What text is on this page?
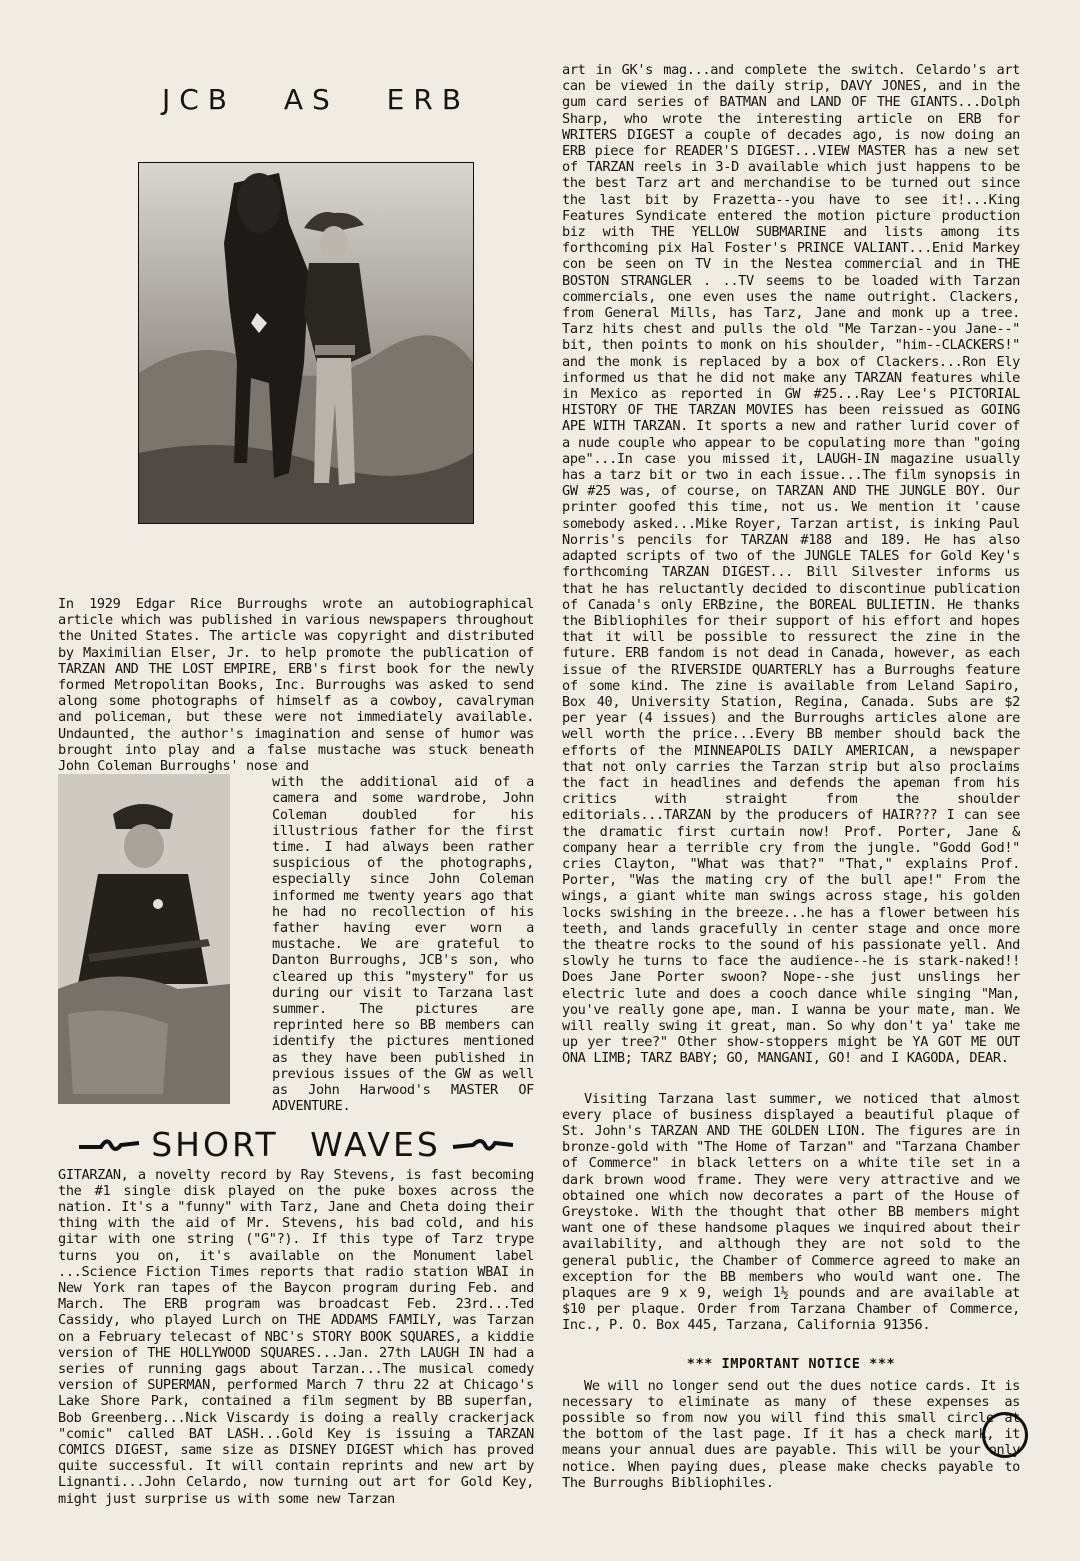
JCB AS ERB

In 1929 Edgar Rice Burroughs wrote an autobiographical article which was published in various newspapers throughout the United States. The article was copyright and distributed by Maximilian Elser, Jr. to help promote the publication of TARZAN AND THE LOST EMPIRE, ERB's first book for the newly formed Metropolitan Books, Inc. Burroughs was asked to send along some photographs of himself as a cowboy, cavalryman and policeman, but these were not immediately available. Undaunted, the author's imagination and sense of humor was brought into play and a false mustache was stuck beneath John Coleman Burroughs' nose and

with the additional aid of a camera and some wardrobe, John Coleman doubled for his illustrious father for the first time. I had always been rather suspicious of the photographs, especially since John Coleman informed me twenty years ago that he had no recollection of his father having ever worn a mustache. We are grateful to Danton Burroughs, JCB's son, who cleared up this "mystery" for us during our visit to Tarzana last summer. The pictures are reprinted here so BB members can identify the pictures mentioned as they have been published in previous issues of the GW as well as John Harwood's MASTER OF ADVENTURE.

SHORT WAVES

GITARZAN, a novelty record by Ray Stevens, is fast becoming the #1 single disk played on the puke boxes across the nation. It's a "funny" with Tarz, Jane and Cheta doing their thing with the aid of Mr. Stevens, his bad cold, and his gitar with one string ("G"?). If this type of Tarz trype turns you on, it's available on the Monument label ...Science Fiction Times reports that radio station WBAI in New York ran tapes of the Baycon program during Feb. and March. The ERB program was broadcast Feb. 23rd...Ted Cassidy, who played Lurch on THE ADDAMS FAMILY, was Tarzan on a February telecast of NBC's STORY BOOK SQUARES, a kiddie version of THE HOLLYWOOD SQUARES...Jan. 27th LAUGH IN had a series of running gags about Tarzan...The musical comedy version of SUPERMAN, performed March 7 thru 22 at Chicago's Lake Shore Park, contained a film segment by BB superfan, Bob Greenberg...Nick Viscardy is doing a really crackerjack "comic" called BAT LASH...Gold Key is issuing a TARZAN COMICS DIGEST, same size as DISNEY DIGEST which has proved quite successful. It will contain reprints and new art by Lignanti...John Celardo, now turning out art for Gold Key, might just surprise us with some new Tarzan

art in GK's mag...and complete the switch. Celardo's art can be viewed in the daily strip, DAVY JONES, and in the gum card series of BATMAN and LAND OF THE GIANTS...Dolph Sharp, who wrote the interesting article on ERB for WRITERS DIGEST a couple of decades ago, is now doing an ERB piece for READER'S DIGEST...VIEW MASTER has a new set of TARZAN reels in 3-D available which just happens to be the best Tarz art and merchandise to be turned out since the last bit by Frazetta--you have to see it!...King Features Syndicate entered the motion picture production biz with THE YELLOW SUBMARINE and lists among its forthcoming pix Hal Foster's PRINCE VALIANT...Enid Markey con be seen on TV in the Nestea commercial and in THE BOSTON STRANGLER . ..TV seems to be loaded with Tarzan commercials, one even uses the name outright. Clackers, from General Mills, has Tarz, Jane and monk up a tree. Tarz hits chest and pulls the old "Me Tarzan--you Jane--" bit, then points to monk on his shoulder, "him--CLACKERS!" and the monk is replaced by a box of Clackers...Ron Ely informed us that he did not make any TARZAN features while in Mexico as reported in GW #25...Ray Lee's PICTORIAL HISTORY OF THE TARZAN MOVIES has been reissued as GOING APE WITH TARZAN. It sports a new and rather lurid cover of a nude couple who appear to be copulating more than "going ape"...In case you missed it, LAUGH-IN magazine usually has a tarz bit or two in each issue...The film synopsis in GW #25 was, of course, on TARZAN AND THE JUNGLE BOY. Our printer goofed this time, not us. We mention it 'cause somebody asked...Mike Royer, Tarzan artist, is inking Paul Norris's pencils for TARZAN #188 and 189. He has also adapted scripts of two of the JUNGLE TALES for Gold Key's forthcoming TARZAN DIGEST... Bill Silvester informs us that he has reluctantly decided to discontinue publication of Canada's only ERBzine, the BOREAL BULIETIN. He thanks the Bibliophiles for their support of his effort and hopes that it will be possible to ressurect the zine in the future. ERB fandom is not dead in Canada, however, as each issue of the RIVERSIDE QUARTERLY has a Burroughs feature of some kind. The zine is available from Leland Sapiro, Box 40, University Station, Regina, Canada. Subs are $2 per year (4 issues) and the Burroughs articles alone are well worth the price...Every BB member should back the efforts of the MINNEAPOLIS DAILY AMERICAN, a newspaper that not only carries the Tarzan strip but also proclaims the fact in headlines and defends the apeman from his critics with straight from the shoulder editorials...TARZAN by the producers of HAIR??? I can see the dramatic first curtain now! Prof. Porter, Jane & company hear a terrible cry from the jungle. "Godd God!" cries Clayton, "What was that?" "That," explains Prof. Porter, "Was the mating cry of the bull ape!" From the wings, a giant white man swings across stage, his golden locks swishing in the breeze...he has a flower between his teeth, and lands gracefully in center stage and once more the theatre rocks to the sound of his passionate yell. And slowly he turns to face the audience--he is stark-naked!! Does Jane Porter swoon? Nope--she just unslings her electric lute and does a cooch dance while singing "Man, you've really gone ape, man. I wanna be your mate, man. We will really swing it great, man. So why don't ya' take me up yer tree?" Other show-stoppers might be YA GOT ME OUT ONA LIMB; TARZ BABY; GO, MANGANI, GO! and I KAGODA, DEAR.

Visiting Tarzana last summer, we noticed that almost every place of business displayed a beautiful plaque of St. John's TARZAN AND THE GOLDEN LION. The figures are in bronze-gold with "The Home of Tarzan" and "Tarzana Chamber of Commerce" in black letters on a white tile set in a dark brown wood frame. They were very attractive and we obtained one which now decorates a part of the House of Greystoke. With the thought that other BB members might want one of these handsome plaques we inquired about their availability, and although they are not sold to the general public, the Chamber of Commerce agreed to make an exception for the BB members who would want one. The plaques are 9 x 9, weigh 1½ pounds and are available at $10 per plaque. Order from Tarzana Chamber of Commerce, Inc., P. O. Box 445, Tarzana, California 91356.

*** IMPORTANT NOTICE ***

We will no longer send out the dues notice cards. It is necessary to eliminate as many of these expenses as possible so from now you will find this small circle at the bottom of the last page. If it has a check mark, it means your annual dues are payable. This will be your only notice. When paying dues, please make checks payable to The Burroughs Bibliophiles.
